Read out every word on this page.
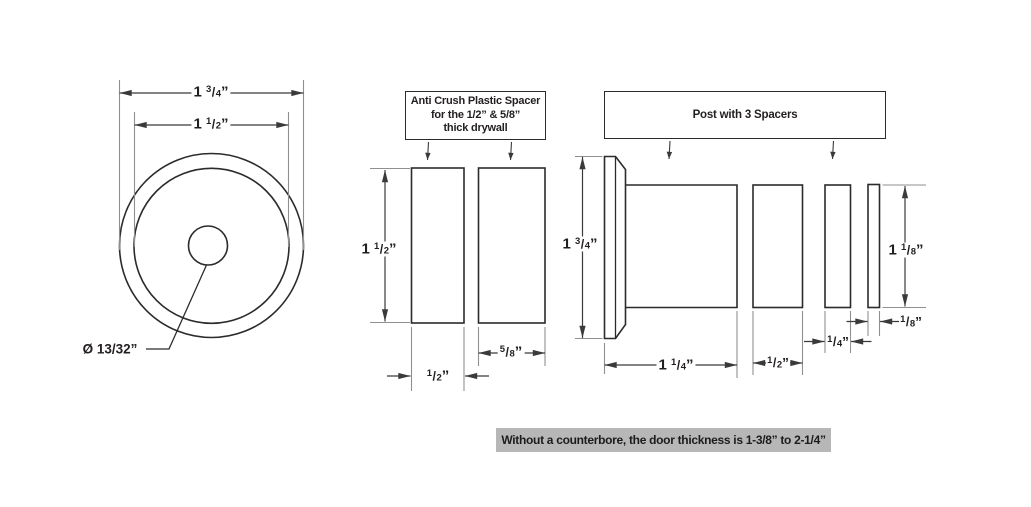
1 $^3$/4”
1 $^1$/2”
Ø 13/32”
Anti Crush Plastic Spacer
for the 1/2” & 5/8”
thick drywall
1 $^1$/2”
$^5$/8”
$^1$/2”
Post with 3 Spacers
1 $^3$/4”
1 $^1$/4”	$^1$/2”
$^1$/4”
$^1$/8”
1 $^1$/8”
Without a counterbore, the door thickness is 1-3/8” to 2-1/4”
